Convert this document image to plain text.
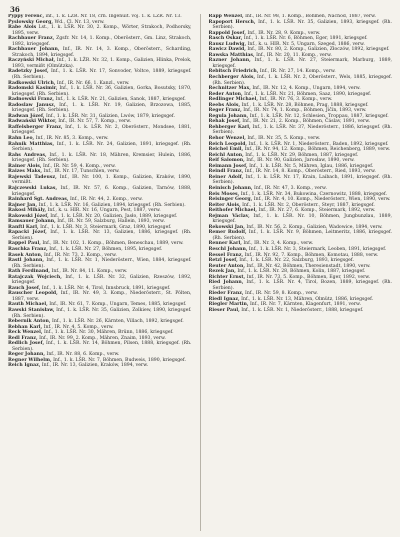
36

Pyppy Ferenc, inf., 1. k. LŽR. Nr. 18, črn. Ingenuit. voj. 1. k. LŽR. Nr. 13.

Pyslowsky Georg, Wd., Cl. Nr. 13, verw.

Rabe Alois Lst., 1. k. LŠR. Nr. 30, 2. Komp., Wörter, Strakoch, Podhorsky, 1895, verw.

Rachbauer Franz, Zgsfr. Nr. 14, 1. Komp., Oberösterr., Gm. Linz, Strakoch, 1892, kriegsgef.

Rachbauer Johann, Inf., IR. Nr. 14, 3. Komp., Oberösterr., Scharding, Strakoch, 1894, kriegsgef.

Raczyński Michał, Inf., 1. k. LŽR. Nr. 32, 1. Komp., Galizien, Hlinka, Prelok, 1893, vermißt (Olmützka).

Radetzky Josef, Inf., 1. k. LŠR. Nr. 17, Sonvoder, Voltce, 1889, kriegsgef. (Rh. Serbien).

Radkowski Ulrich, Inf., IR. Nr. 66, 1. Kanzl., verw.

Radomski Kasimir, Inf., 1. k. LŠR. Nr. 36, Galizien, Gorka, Bosutsky, 1870, kriegsgef. (Rh. Serbien).

Radnowski Franz, Inf., 1. k. LŠR. Nr. 21, Galizien, Sanok, 1887, kriegsgef.

Radoslaw Janusz, Inf., 1. k. LŠR. Nr. 19, Galizien, Brzozowa, 1885, kriegsgef. (Rh. Serbien).

Radwan Józef, Inf., 1. k. LŠR. Nr. 31, Galizien, Lwów, 1879, kriegsgef.

Radwański Wiktor, Inf., IR. Nr. 57, 7. Komp., verw.

Raffelsberger Franz, Inf., 1. k. LŠR. Nr. 2, Oberösterr., Mondsee, 1881, kriegsgef.

Rahn Leo, Inf., IR. Nr. 85, 3. Komp., verw.

Rahnik Matthias, Inf., 1. k. LŠR. Nr. 24, Galizien, 1891, kriegsgef. (Rh. Serbien).

Rahs Andreas, Inf., 1. k. LŠR. Nr. 18, Mähren, Kremsier, Hulein, 1886, kriegsgef. (Rh. Serbien).

Rainer Alois, Inf., IR. Nr. 59, 4. Komp., verw.

Raizes Maks, Inf., IR. Nr. 17, Tunschlen, verw.

Rajewski Tadeusz, Inf., IR. Nr. 100, 1. Komp., Galizien, Kraków, 1890, vermißt.

Rajczewski Lukas, Inf., IR. Nr. 57, 6. Komp., Galizien, Tarnów, 1888, kriegsgef.

Rainhard Sgt. Andreas, Inf., IR. Nr. 44, 2. Komp., verw.

Rajner Jan, Inf., 1. k. LŠR. Nr. 16, Galizien, 1894, kriegsgef. (Rh. Serbien).

Rakosi Mihály, Inf., k. u. HIR. Nr. 16, Ungarn, Pest, 1887, verw.

Rakowski Józef, Inf., 1. k. LŠR. Nr. 20, Galizien, Jasło, 1889, kriegsgef.

Ramsauer Johann, Inf., IR. Nr. 59, Salzburg, Hallein, 1893, verw.

Ranftl Karl, Inf., 1. k. LŠR. Nr. 3, Steiermark, Graz, 1890, kriegsgef.

Rapacki Józef, Inf., 1. k. LŠR. Nr. 13, Galizien, 1886, kriegsgef. (Rh. Serbien).

Rappel Paul, Inf., IR. Nr. 102, 1. Komp., Böhmen, Beneschau, 1889, verw.

Raschka Franz, Inf., 1. k. LŠR. Nr. 27, Böhmen, 1895, kriegsgef.

Rasek Anton, Inf., IR. Nr. 73, 2. Komp., verw.

Rastl Johann, Inf., 1. k. LŠR. Nr. 1, Niederösterr., Wien, 1884, kriegsgef. (Rh. Serbien).

Rath Ferdinand, Inf., IR. Nr. 84, 11. Komp., verw.

Ratajczak Wojciech, Inf., 1. k. LŠR. Nr. 32, Galizien, Rzeszów, 1892, kriegsgef.

Rauch Josef, Inf., 1. k. LŠR. Nr. 4, Tirol, Innsbruck, 1891, kriegsgef.

Rauscher Leopold, Inf., IR. Nr. 49, 3. Komp., Niederösterr., St. Pölten, 1887, verw.

Rauth Michael, Inf., IR. Nr. 61, 7. Komp., Ungarn, Temes, 1885, kriegsgef.

Rawski Stanisław, Inf., 1. k. LŠR. Nr. 35, Galizien, Zolkiew, 1890, kriegsgef. (Rh. Serbien).

Rebernik Anton, Inf., 1. k. LŠR. Nr. 26, Kärnten, Villach, 1892, kriegsgef.

Rebhan Karl, Inf., IR. Nr. 4, 5. Komp., verw.

Reck Wenzel, Inf., 1. k. LŠR. Nr. 30, Mähren, Brünn, 1886, kriegsgef.

Redl Franz, Inf., IR. Nr. 99, 2. Komp., Mähren, Znaim, 1893, verw.

Redlich Josef, Inf., 1. k. LŠR. Nr. 14, Böhmen, Pilsen, 1888, kriegsgef. (Rh. Serbien).

Reger Johann, Inf., IR. Nr. 88, 6. Komp., verw.

Regner Wilhelm, Inf., 1. k. LŠR. Nr. 7, Böhmen, Budweis, 1890, kriegsgef.

Reich Ignaz, Inf., IR. Nr. 13, Galizien, Kraków, 1894, verw.

Rapp Wenzel, Inf., IR. Nr. 98, 1. Komp., Böhmen, Nachod, 1887, verw.

Rapoport Hersch, Inf., 1. k. LŠR. Nr. 35, Galizien, 1893, kriegsgef. (Rh. Serbien).

Rappold Josef, Inf., IR. Nr. 28, 9. Komp., verw.

Rasch Oskar, Inf., 1. k. LŠR. Nr. 6, Böhmen, Eger, 1891, kriegsgef.

Rausz Ludwig, Inf., k. u. HIR. Nr. 5, Ungarn, Szeged, 1886, verw.

Rawicz Dawid, Inf., IR. Nr. 80, 2. Komp., Galizien, Złoczów, 1892, kriegsgef.

Rawska Matthias, Inf., IR. Nr. 20, 11. Komp., verw.

Razner Johann, Inf., 1. k. LŠR. Nr. 27, Steiermark, Marburg, 1889, kriegsgef.

Rebitsch Friedrich, Inf., IR. Nr. 27, 14. Komp., verw.

Rechberger Alois, Inf., 1. k. LŠR. Nr. 2, Oberösterr., Wels, 1885, kriegsgef. (Rh. Serbien).

Rechnitzer Max, Inf., IR. Nr. 12, 4. Komp., Ungarn, 1894, verw.

Reder Anton, Inf., 1. k. LŠR. Nr. 21, Böhmen, Saaz, 1890, kriegsgef.

Redlinger Michael, Inf., IR. Nr. 76, 3. Komp., verw.

Reebs Alois, Inf., 1. k. LŠR. Nr. 28, Böhmen, Prag, 1888, kriegsgef.

Reger Franz, Inf., IR. Nr. 74, 1. Komp., Böhmen, Jičín, 1893, verw.

Regula Johann, Inf., 1. k. LŠR. Nr. 12, Schlesien, Troppau, 1887, kriegsgef.

Rehak Josef, Inf., IR. Nr. 21, 2. Komp., Böhmen, Čáslav, 1891, verw.

Rehberger Karl, Inf., 1. k. LŠR. Nr. 37, Niederösterr., 1886, kriegsgef. (Rh. Serbien).

Rehor Wenzel, Inf., IR. Nr. 35, 5. Komp., verw.

Reich Leopold, Inf., 1. k. LŠR. Nr. 1, Niederösterr., Baden, 1892, kriegsgef.

Reichel Emil, Inf., IR. Nr. 94, 12. Komp., Böhmen, Reichenberg, 1889, verw.

Reichl Anton, Inf., 1. k. LŠR. Nr. 29, Böhmen, 1887, kriegsgef.

Reif Salomon, Inf., IR. Nr. 90, Galizien, Jarosław, 1890, verw.

Reimann Josef, Inf., 1. k. LŠR. Nr. 5, Mähren, Iglau, 1886, kriegsgef.

Reindl Franz, Inf., IR. Nr. 14, 8. Komp., Oberösterr., Ried, 1893, verw.

Reiner Adolf, Inf., 1. k. LŠR. Nr. 17, Krain, Laibach, 1891, kriegsgef. (Rh. Serbien).

Reinisch Johann, Inf., IR. Nr. 47, 3. Komp., verw.

Reis Moses, Inf., 1. k. LŠR. Nr. 34, Bukowina, Czernowitz, 1888, kriegsgef.

Reisinger Georg, Inf., IR. Nr. 4, 10. Komp., Niederösterr., Wien, 1890, verw.

Reiter Alois, Inf., 1. k. LŠR. Nr. 2, Oberösterr., Steyr, 1887, kriegsgef.

Reithofer Michael, Inf., IR. Nr. 27, 6. Komp., Steiermark, 1892, verw.

Rejman Václav, Inf., 1. k. LŠR. Nr. 10, Böhmen, Jungbunzlau, 1889, kriegsgef.

Rekowski Jan, Inf., IR. Nr. 56, 2. Komp., Galizien, Wadowice, 1894, verw.

Remer Rudolf, Inf., 1. k. LŠR. Nr. 9, Böhmen, Leitmeritz, 1886, kriegsgef. (Rh. Serbien).

Renner Karl, Inf., IR. Nr. 3, 4. Komp., verw.

Reschl Johann, Inf., 1. k. LŠR. Nr. 3, Steiermark, Leoben, 1891, kriegsgef.

Ressel Franz, Inf., IR. Nr. 92, 7. Komp., Böhmen, Komotau, 1888, verw.

Retzl Josef, Inf., 1. k. LŠR. Nr. 22, Salzburg, 1893, kriegsgef.

Reuter Anton, Inf., IR. Nr. 42, Böhmen, Theresienstadt, 1890, verw.

Rezek Jan, Inf., 1. k. LŠR. Nr. 28, Böhmen, Kolin, 1887, kriegsgef.

Richter Ernst, Inf., IR. Nr. 73, 5. Komp., Böhmen, Eger, 1892, verw.

Ried Johann, Inf., 1. k. LŠR. Nr. 4, Tirol, Bozen, 1889, kriegsgef. (Rh. Serbien).

Rieder Franz, Inf., IR. Nr. 59, 8. Komp., verw.

Riedl Ignaz, Inf., 1. k. LŠR. Nr. 13, Mähren, Olmütz, 1886, kriegsgef.

Riegler Martin, Inf., IR. Nr. 7, Kärnten, Klagenfurt, 1891, verw.

Rieser Paul, Inf., 1. k. LŠR. Nr. 1, Niederösterr., 1888, kriegsgef.
